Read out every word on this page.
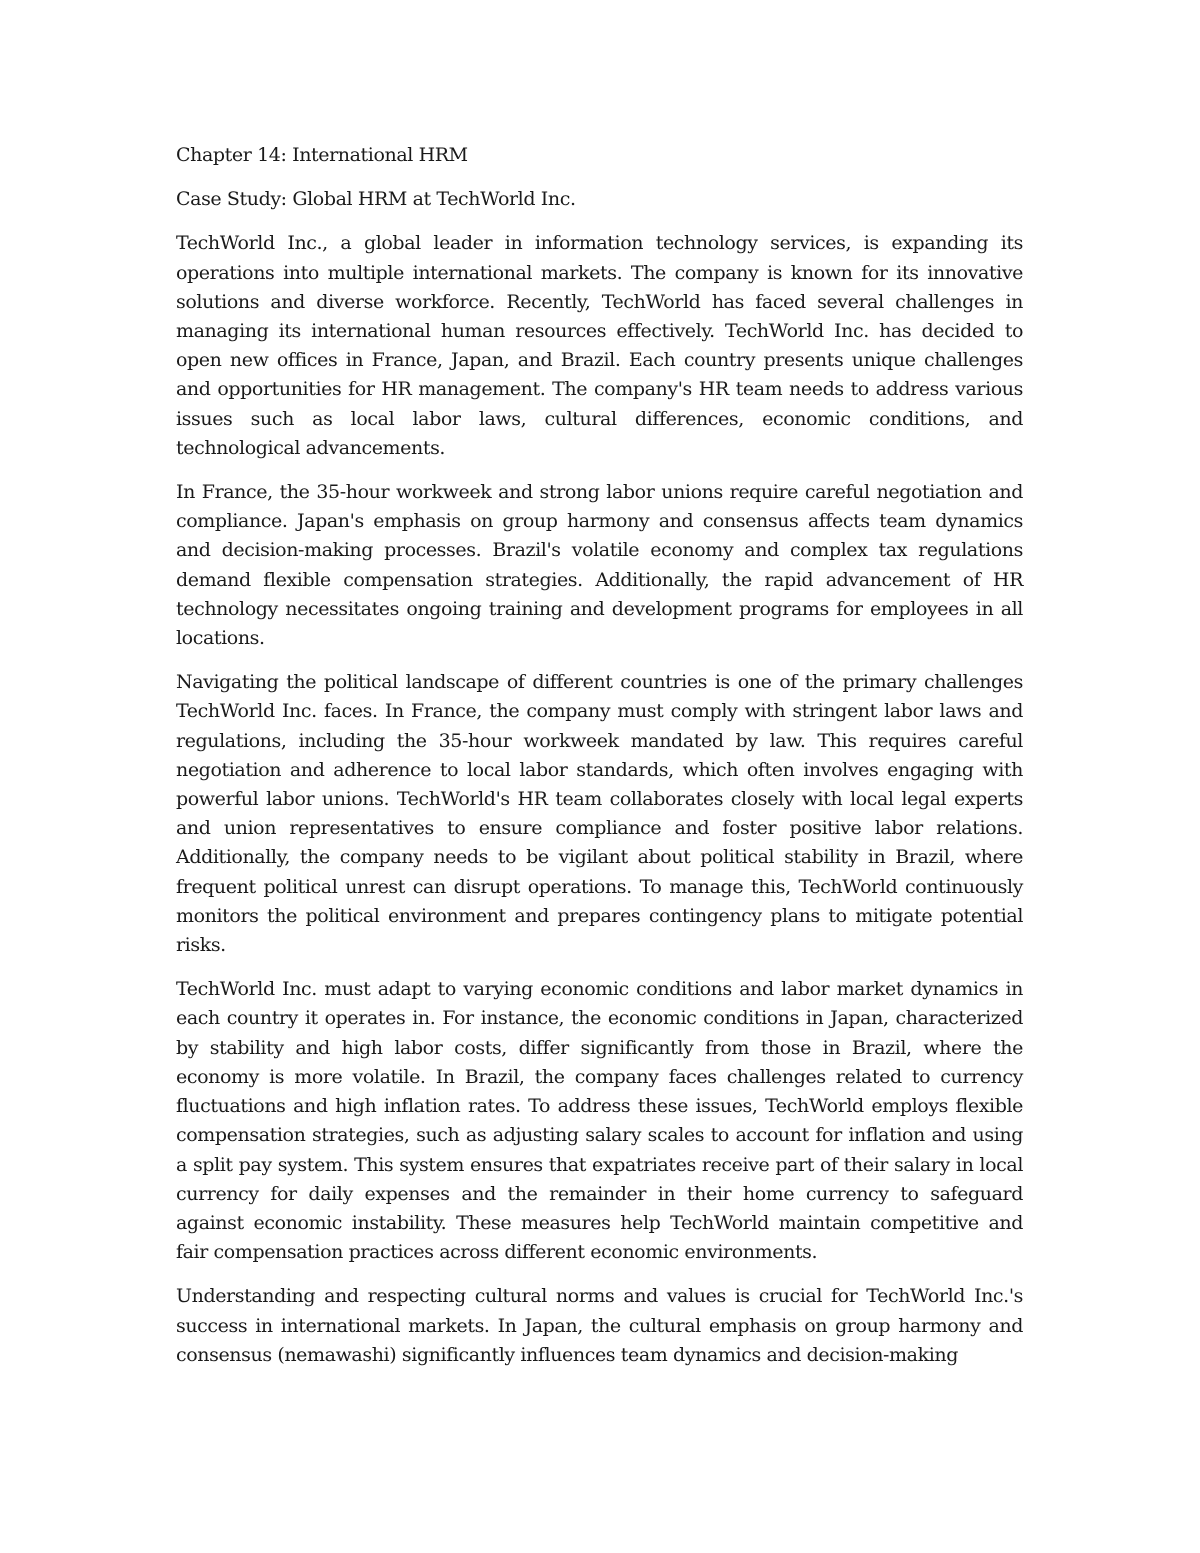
Chapter 14: International HRM

Case Study: Global HRM at TechWorld Inc.

TechWorld Inc., a global leader in information technology services, is expanding its operations into multiple international markets. The company is known for its innovative solutions and diverse workforce. Recently, TechWorld has faced several challenges in managing its international human resources effectively. TechWorld Inc. has decided to open new offices in France, Japan, and Brazil. Each country presents unique challenges and opportunities for HR management. The company's HR team needs to address various issues such as local labor laws, cultural differences, economic conditions, and technological advancements.

In France, the 35-hour workweek and strong labor unions require careful negotiation and compliance. Japan's emphasis on group harmony and consensus affects team dynamics and decision-making processes. Brazil's volatile economy and complex tax regulations demand flexible compensation strategies. Additionally, the rapid advancement of HR technology necessitates ongoing training and development programs for employees in all locations.

Navigating the political landscape of different countries is one of the primary challenges TechWorld Inc. faces. In France, the company must comply with stringent labor laws and regulations, including the 35-hour workweek mandated by law. This requires careful negotiation and adherence to local labor standards, which often involves engaging with powerful labor unions. TechWorld's HR team collaborates closely with local legal experts and union representatives to ensure compliance and foster positive labor relations. Additionally, the company needs to be vigilant about political stability in Brazil, where frequent political unrest can disrupt operations. To manage this, TechWorld continuously monitors the political environment and prepares contingency plans to mitigate potential risks.

TechWorld Inc. must adapt to varying economic conditions and labor market dynamics in each country it operates in. For instance, the economic conditions in Japan, characterized by stability and high labor costs, differ significantly from those in Brazil, where the economy is more volatile. In Brazil, the company faces challenges related to currency fluctuations and high inflation rates. To address these issues, TechWorld employs flexible compensation strategies, such as adjusting salary scales to account for inflation and using a split pay system. This system ensures that expatriates receive part of their salary in local currency for daily expenses and the remainder in their home currency to safeguard against economic instability. These measures help TechWorld maintain competitive and fair compensation practices across different economic environments.

Understanding and respecting cultural norms and values is crucial for TechWorld Inc.'s success in international markets. In Japan, the cultural emphasis on group harmony and consensus (nemawashi) significantly influences team dynamics and decision-making
